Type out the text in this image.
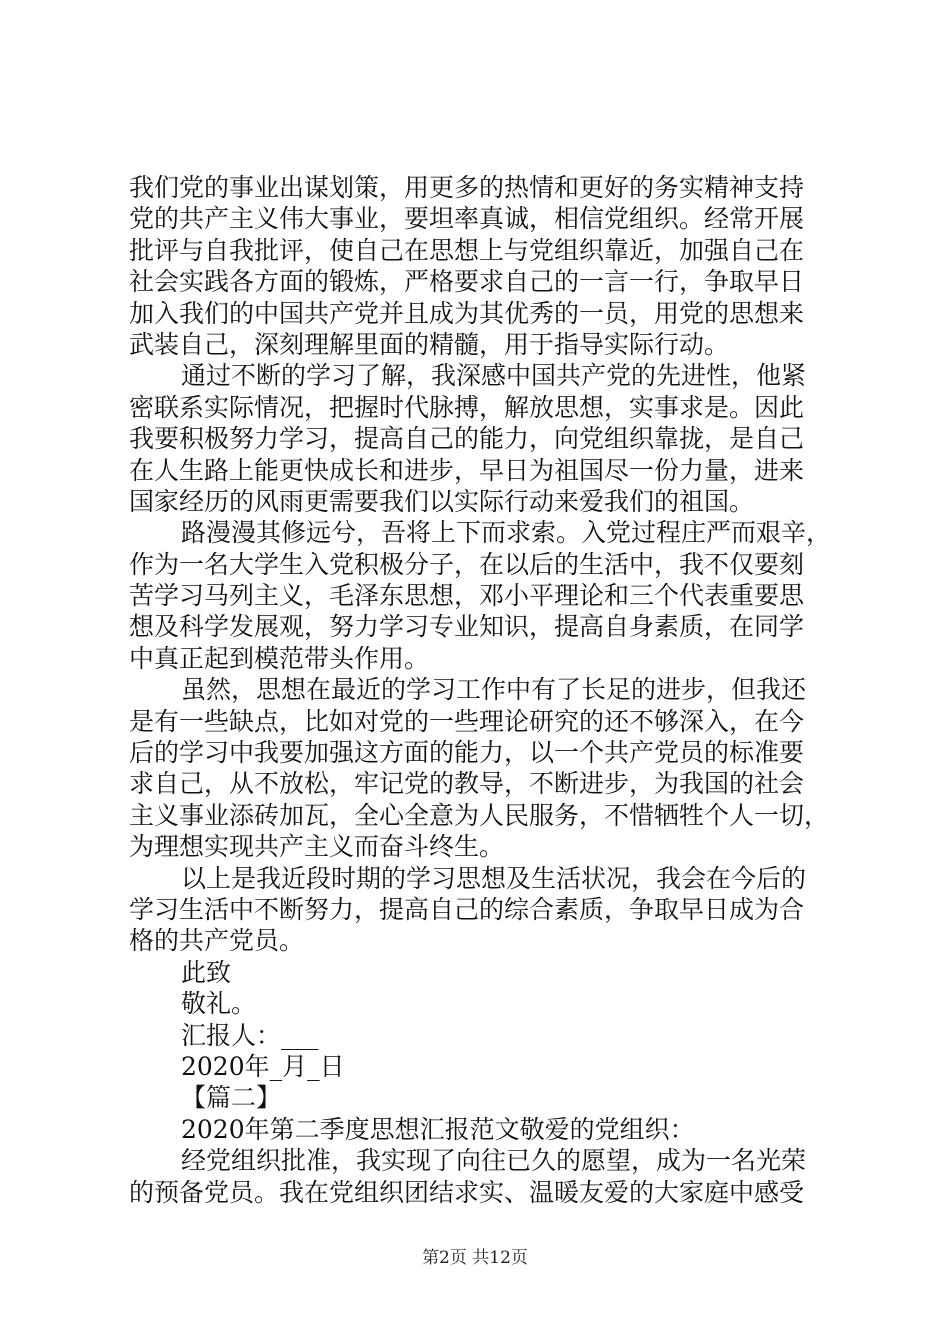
我们党的事业出谋划策，用更多的热情和更好的务实精神支持
党的共产主义伟大事业，要坦率真诚，相信党组织。经常开展
批评与自我批评，使自己在思想上与党组织靠近，加强自己在
社会实践各方面的锻炼，严格要求自己的一言一行，争取早日
加入我们的中国共产党并且成为其优秀的一员，用党的思想来
武装自己，深刻理解里面的精髓，用于指导实际行动。
通过不断的学习了解，我深感中国共产党的先进性，他紧
密联系实际情况，把握时代脉搏，解放思想，实事求是。因此
我要积极努力学习，提高自己的能力，向党组织靠拢，是自己
在人生路上能更快成长和进步，早日为祖国尽一份力量，进来
国家经历的风雨更需要我们以实际行动来爱我们的祖国。
路漫漫其修远兮，吾将上下而求索。入党过程庄严而艰辛，
作为一名大学生入党积极分子，在以后的生活中，我不仅要刻
苦学习马列主义，毛泽东思想，邓小平理论和三个代表重要思
想及科学发展观，努力学习专业知识，提高自身素质，在同学
中真正起到模范带头作用。
虽然，思想在最近的学习工作中有了长足的进步，但我还
是有一些缺点，比如对党的一些理论研究的还不够深入，在今
后的学习中我要加强这方面的能力，以一个共产党员的标准要
求自己，从不放松，牢记党的教导，不断进步，为我国的社会
主义事业添砖加瓦，全心全意为人民服务，不惜牺牲个人一切，
为理想实现共产主义而奋斗终生。
以上是我近段时期的学习思想及生活状况，我会在今后的
学习生活中不断努力，提高自己的综合素质，争取早日成为合
格的共产党员。
此致
敬礼。
汇报人：___
2020年_月_日
【篇二】
2020年第二季度思想汇报范文敬爱的党组织：
经党组织批准，我实现了向往已久的愿望，成为一名光荣
的预备党员。我在党组织团结求实、温暖友爱的大家庭中感受
第2页 共12页
